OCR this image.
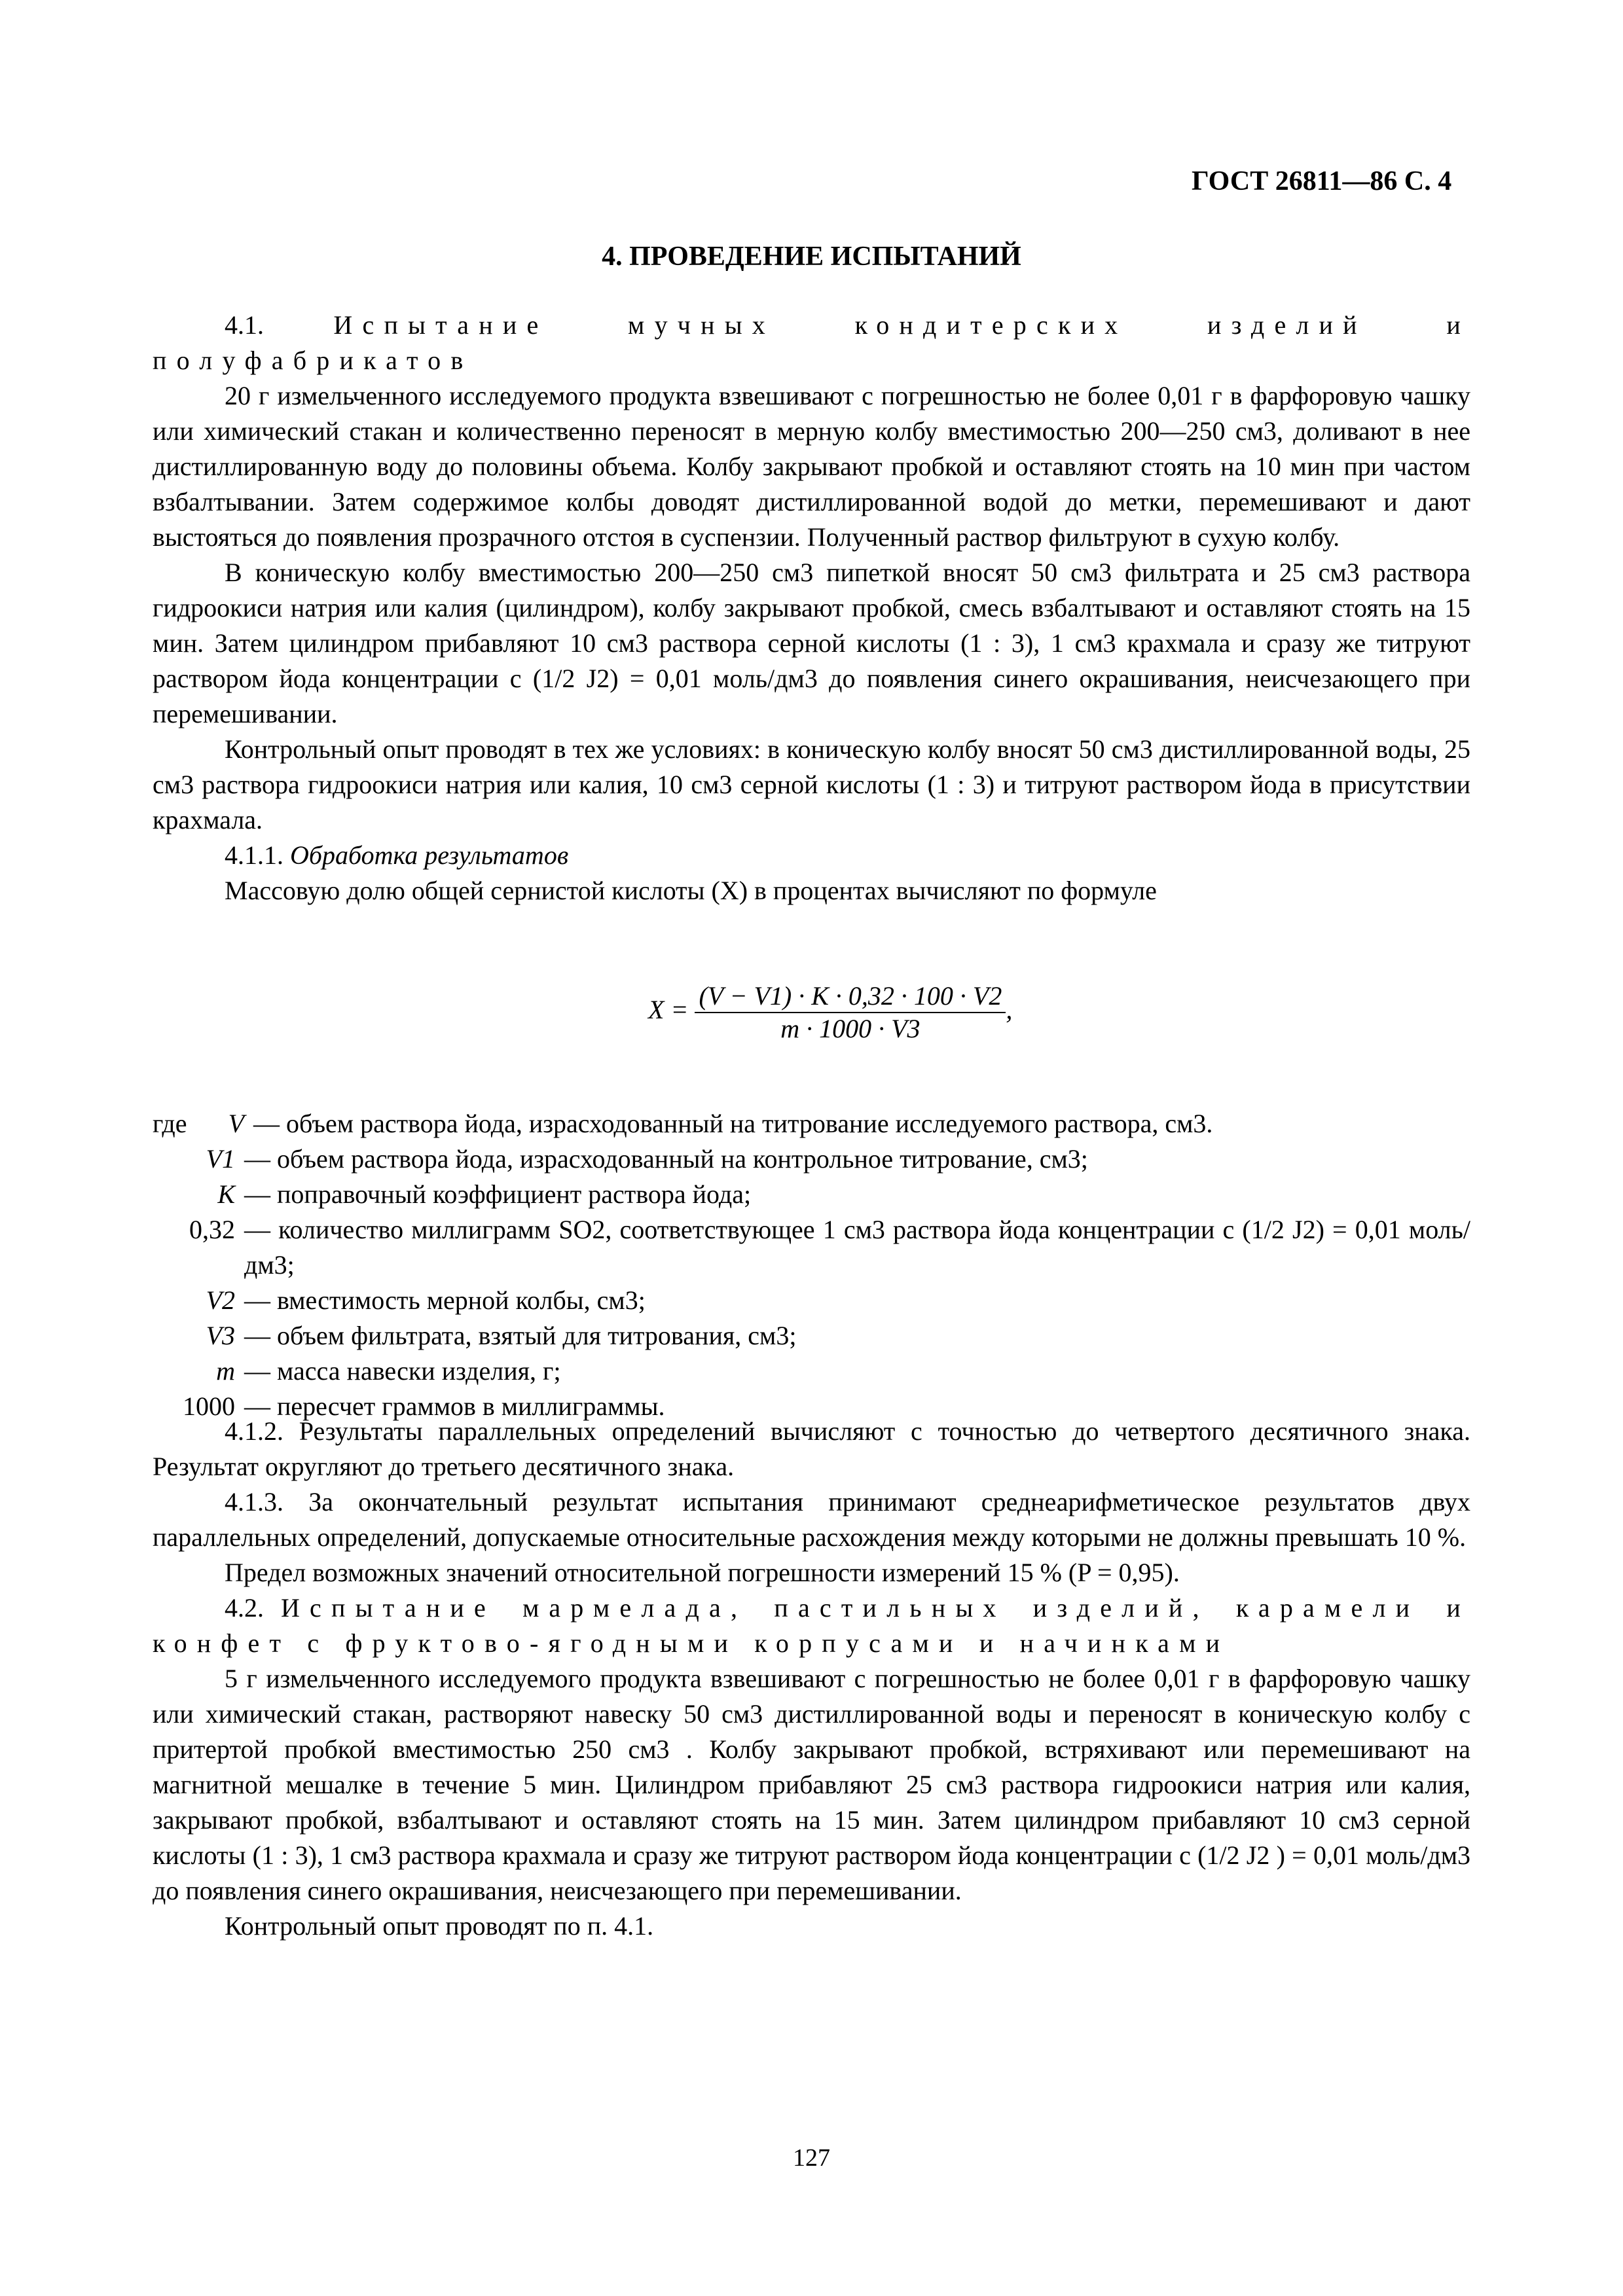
ГОСТ 26811—86 С. 4
4. ПРОВЕДЕНИЕ ИСПЫТАНИЙ

4.1.	Испытание мучных кондитерских изделий и полуфабрикатов

20 г измельченного исследуемого продукта взвешивают с погрешностью не более 0,01 г в фарфоровую чашку или химический стакан и количественно переносят в мерную колбу вместимостью 200—250 см3, доливают в нее дистиллированную воду до половины объема. Колбу закрывают пробкой и оставляют стоять на 10 мин при частом взбалтывании. Затем содержимое колбы доводят дистиллированной водой до метки, перемешивают и дают выстояться до появления прозрачного отстоя в суспензии. Полученный раствор фильтруют в сухую колбу.

В коническую колбу вместимостью 200—250 см3 пипеткой вносят 50 см3 фильтрата и 25 см3 раствора гидроокиси натрия или калия (цилиндром), колбу закрывают пробкой, смесь взбалтывают и оставляют стоять на 15 мин. Затем цилиндром прибавляют 10 см3 раствора серной кислоты (1 : 3), 1 см3 крахмала и сразу же титруют раствором йода концентрации c (1/2 J2) = 0,01 моль/дм3 до появления синего окрашивания, неисчезающего при перемешивании.

Контрольный опыт проводят в тех же условиях: в коническую колбу вносят 50 см3 дистиллированной воды, 25 см3 раствора гидроокиси натрия или калия, 10 см3 серной кислоты (1 : 3) и титруют раствором йода в присутствии крахмала.

4.1.1. Обработка результатов

Массовую долю общей сернистой кислоты (X) в процентах вычисляют по формуле

$X = \frac{(V - V1) \cdot K \cdot 0,32 \cdot 100 \cdot V2}{m \cdot 1000 \cdot V3}$ ,
где	V — объем раствора йода, израсходованный на титрование исследуемого раствора, см3.
V1 — объем раствора йода, израсходованный на контрольное титрование, см3;
K — поправочный коэффициент раствора йода;
0,32 — количество миллиграмм SO2, соответствующее 1 см3 раствора йода концентрации c (1/2 J2) = 0,01 моль/дм3;
V2 — вместимость мерной колбы, см3;
V3 — объем фильтрата, взятый для титрования, см3;
m — масса навески изделия, г;
1000 — пересчет граммов в миллиграммы.

4.1.2. Результаты параллельных определений вычисляют с точностью до четвертого десятичного знака. Результат округляют до третьего десятичного знака.

4.1.3. За окончательный результат испытания принимают среднеарифметическое результатов двух параллельных определений, допускаемые относительные расхождения между которыми не должны превышать 10 %.

Предел возможных значений относительной погрешности измерений 15 % (P = 0,95).

4.2. Испытание мармелада, пастильных изделий, карамели и конфет с фруктово-ягодными корпусами и начинками

5 г измельченного исследуемого продукта взвешивают с погрешностью не более 0,01 г в фарфоровую чашку или химический стакан, растворяют навеску 50 см3 дистиллированной воды и переносят в коническую колбу с притертой пробкой вместимостью 250 см3 . Колбу закрывают пробкой, встряхивают или перемешивают на магнитной мешалке в течение 5 мин. Цилиндром прибавляют 25 см3 раствора гидроокиси натрия или калия, закрывают пробкой, взбалтывают и оставляют стоять на 15 мин. Затем цилиндром прибавляют 10 см3 серной кислоты (1 : 3), 1 см3 раствора крахмала и сразу же титруют раствором йода концентрации c (1/2 J2 ) = 0,01 моль/дм3 до появления синего окрашивания, неисчезающего при перемешивании.

Контрольный опыт проводят по п. 4.1.

127
